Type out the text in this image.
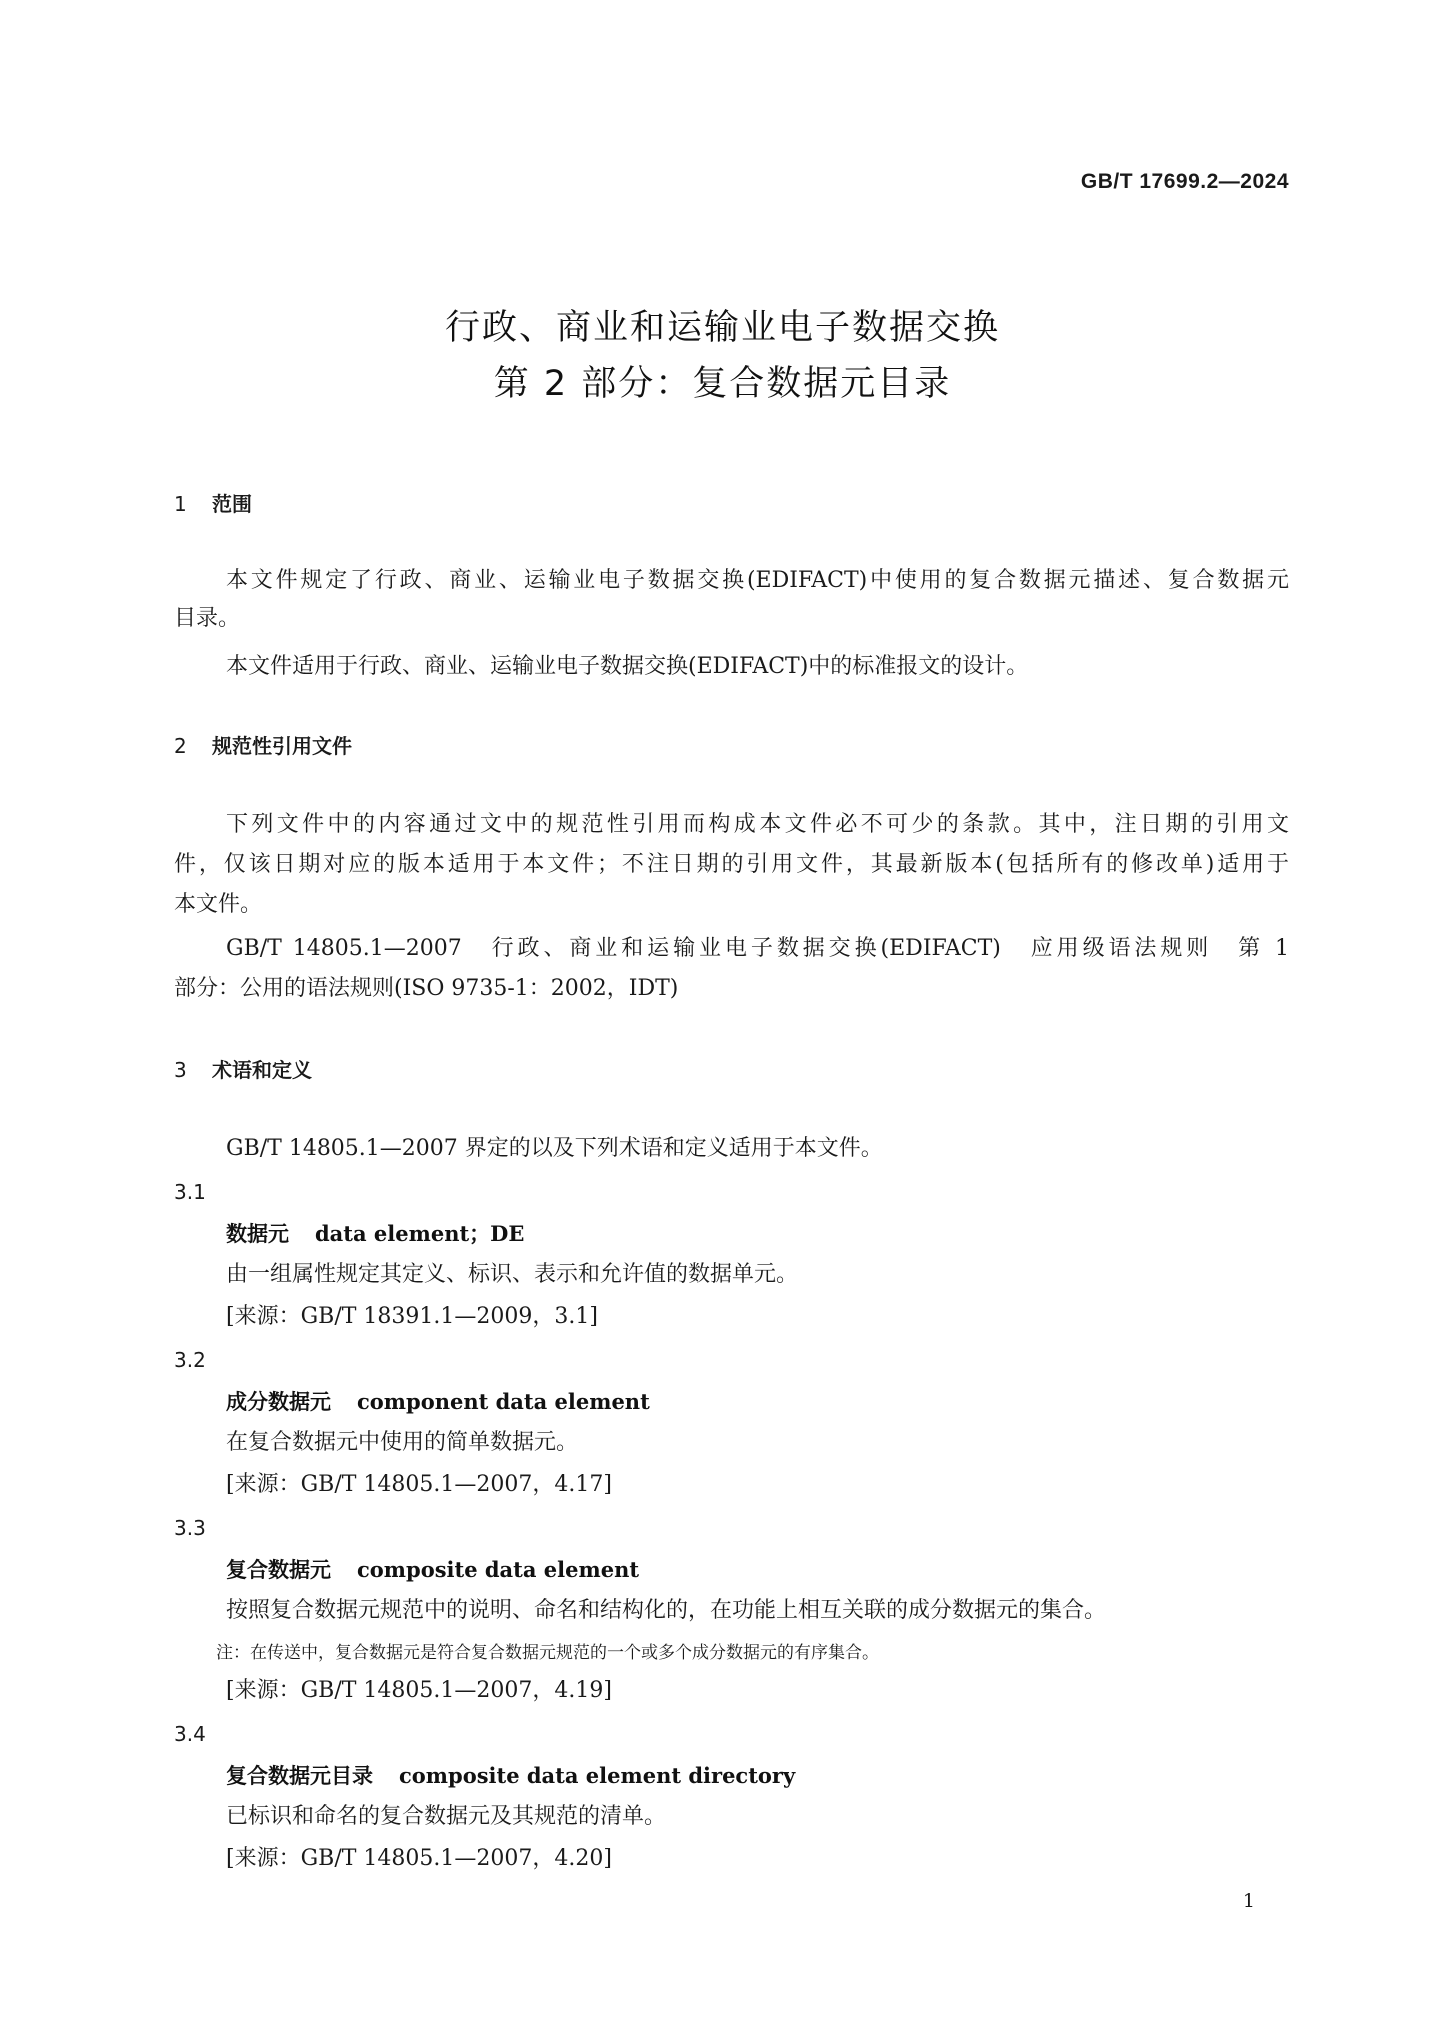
GB/T 17699.2—2024
行政、商业和运输业电子数据交换
第 2 部分：复合数据元目录
1 范围
本文件规定了行政、商业、运输业电子数据交换(EDIFACT)中使用的复合数据元描述、复合数据元
目录。
本文件适用于行政、商业、运输业电子数据交换(EDIFACT)中的标准报文的设计。
2 规范性引用文件
下列文件中的内容通过文中的规范性引用而构成本文件必不可少的条款。其中，注日期的引用文
件，仅该日期对应的版本适用于本文件；不注日期的引用文件，其最新版本(包括所有的修改单)适用于
本文件。
GB/T 14805.1—2007　行政、商业和运输业电子数据交换(EDIFACT)　应用级语法规则　第 1
部分：公用的语法规则(ISO 9735-1：2002，IDT)
3 术语和定义
GB/T 14805.1—2007 界定的以及下列术语和定义适用于本文件。
3.1
数据元 data element；DE
由一组属性规定其定义、标识、表示和允许值的数据单元。
[来源：GB/T 18391.1—2009，3.1]
3.2
成分数据元 component data element
在复合数据元中使用的简单数据元。
[来源：GB/T 14805.1—2007，4.17]
3.3
复合数据元 composite data element
按照复合数据元规范中的说明、命名和结构化的，在功能上相互关联的成分数据元的集合。
注：在传送中，复合数据元是符合复合数据元规范的一个或多个成分数据元的有序集合。
[来源：GB/T 14805.1—2007，4.19]
3.4
复合数据元目录 composite data element directory
已标识和命名的复合数据元及其规范的清单。
[来源：GB/T 14805.1—2007，4.20]
1
